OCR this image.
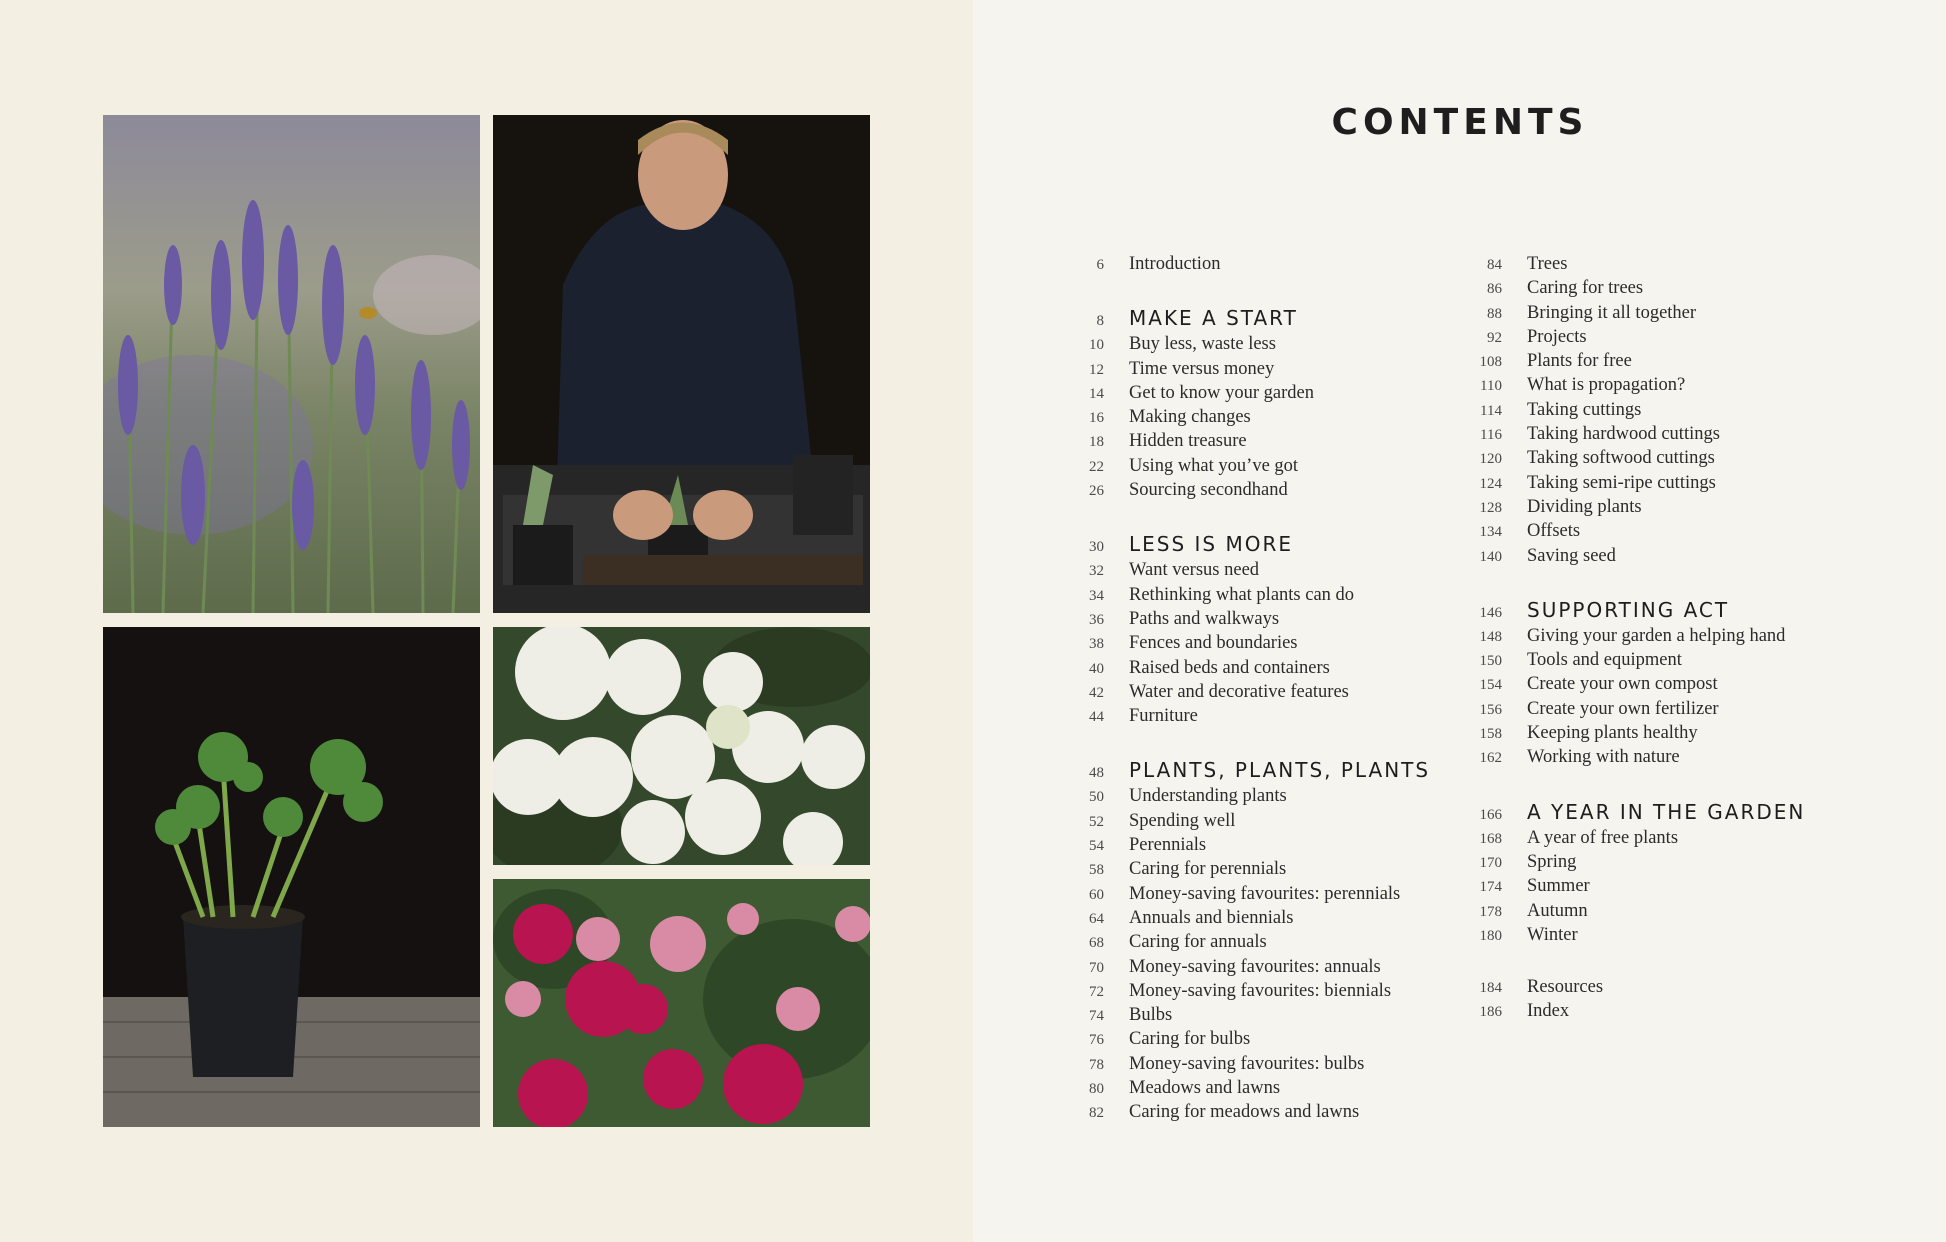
CONTENTS
6 Introduction
8 MAKE A START
10 Buy less, waste less
12 Time versus money
14 Get to know your garden
16 Making changes
18 Hidden treasure
22 Using what you’ve got
26 Sourcing secondhand
30 LESS IS MORE
32 Want versus need
34 Rethinking what plants can do
36 Paths and walkways
38 Fences and boundaries
40 Raised beds and containers
42 Water and decorative features
44 Furniture
48 PLANTS, PLANTS, PLANTS
50 Understanding plants
52 Spending well
54 Perennials
58 Caring for perennials
60 Money-saving favourites: perennials
64 Annuals and biennials
68 Caring for annuals
70 Money-saving favourites: annuals
72 Money-saving favourites: biennials
74 Bulbs
76 Caring for bulbs
78 Money-saving favourites: bulbs
80 Meadows and lawns
82 Caring for meadows and lawns
84 Trees
86 Caring for trees
88 Bringing it all together
92 Projects
108 Plants for free
110 What is propagation?
114 Taking cuttings
116 Taking hardwood cuttings
120 Taking softwood cuttings
124 Taking semi-ripe cuttings
128 Dividing plants
134 Offsets
140 Saving seed
146 SUPPORTING ACT
148 Giving your garden a helping hand
150 Tools and equipment
154 Create your own compost
156 Create your own fertilizer
158 Keeping plants healthy
162 Working with nature
166 A YEAR IN THE GARDEN
168 A year of free plants
170 Spring
174 Summer
178 Autumn
180 Winter
184 Resources
186 Index
